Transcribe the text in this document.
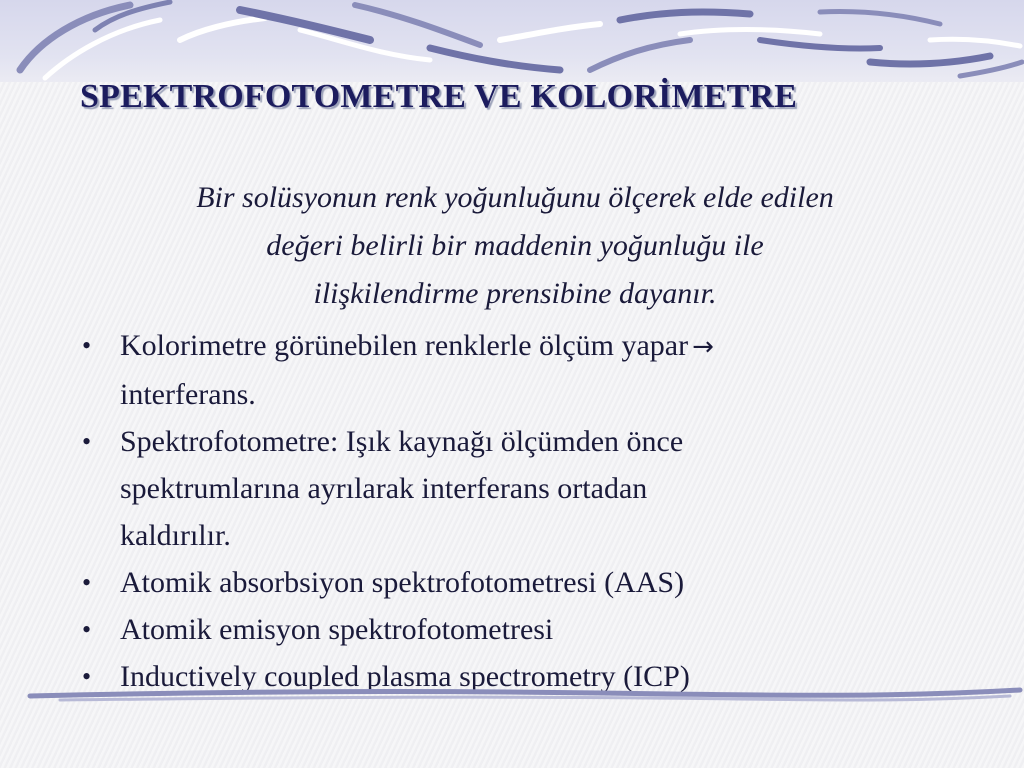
SPEKTROFOTOMETRE VE KOLORİMETRE

Bir solüsyonun renk yoğunluğunu ölçerek elde edilen
değeri belirli bir maddenin yoğunluğu ile
ilişkilendirme prensibine dayanır.

• Kolorimetre görünebilen renklerle ölçüm yapar →
interferans.
• Spektrofotometre: Işık kaynağı ölçümden önce
spektrumlarına ayrılarak interferans ortadan
kaldırılır.
• Atomik absorbsiyon spektrofotometresi (AAS)
• Atomik emisyon spektrofotometresi
• Inductively coupled plasma spectrometry (ICP)
